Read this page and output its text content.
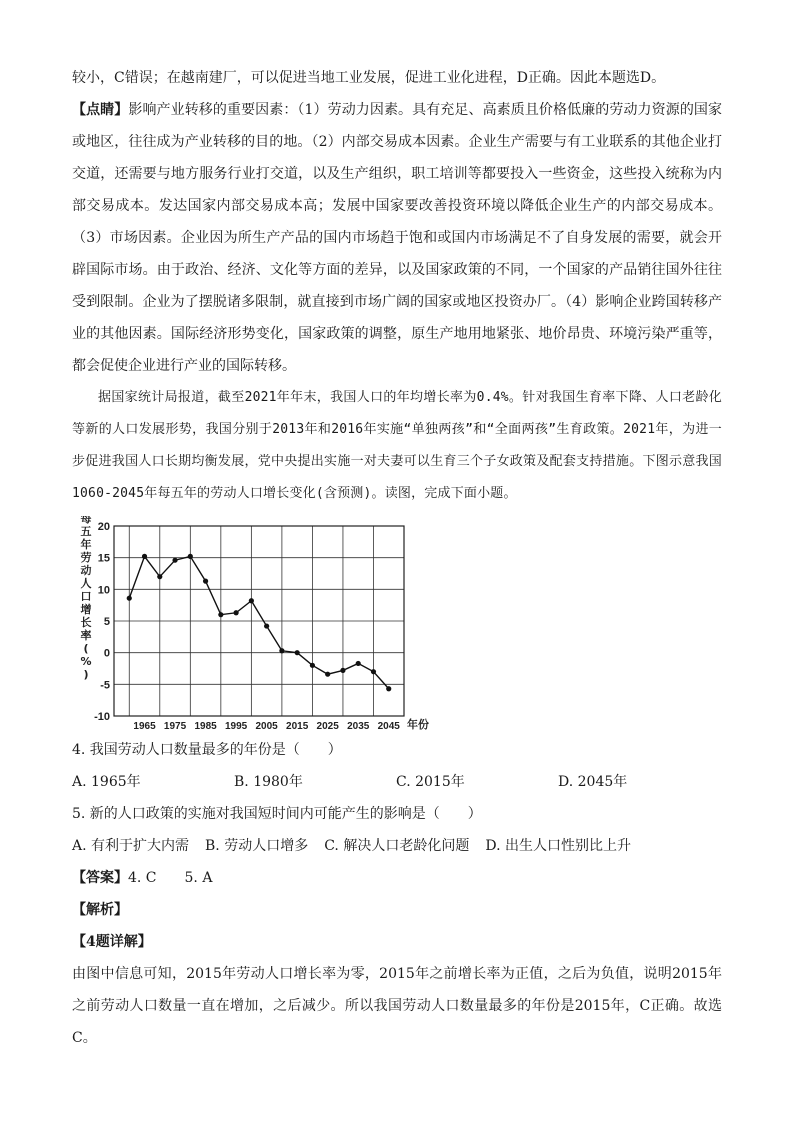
较小，C错误；在越南建厂，可以促进当地工业发展，促进工业化进程，D正确。因此本题选D。

【点睛】影响产业转移的重要因素：（1）劳动力因素。具有充足、高素质且价格低廉的劳动力资源的国家或地区，往往成为产业转移的目的地。（2）内部交易成本因素。企业生产需要与有工业联系的其他企业打交道，还需要与地方服务行业打交道，以及生产组织，职工培训等都要投入一些资金，这些投入统称为内部交易成本。发达国家内部交易成本高；发展中国家要改善投资环境以降低企业生产的内部交易成本。（3）市场因素。企业因为所生产产品的国内市场趋于饱和或国内市场满足不了自身发展的需要，就会开辟国际市场。由于政治、经济、文化等方面的差异，以及国家政策的不同，一个国家的产品销往国外往往受到限制。企业为了摆脱诸多限制，就直接到市场广阔的国家或地区投资办厂。（4）影响企业跨国转移产业的其他因素。国际经济形势变化，国家政策的调整，原生产地用地紧张、地价昂贵、环境污染严重等，都会促使企业进行产业的国际转移。

据国家统计局报道，截至2021年年末，我国人口的年均增长率为0.4%。针对我国生育率下降、人口老龄化等新的人口发展形势，我国分别于2013年和2016年实施“单独两孩”和“全面两孩”生育政策。2021年，为进一步促进我国人口长期均衡发展，党中央提出实施一对夫妻可以生育三个子女政策及配套支持措施。下图示意我国1060-2045年每五年的劳动人口增长变化(含预测)。读图，完成下面小题。

20
15
10
5
0
-5
-10
1965 1975 1985 1995 2005 2015 2025 2035 2045 年份
每
五
年
劳
动
人
口
增
长
率
(
%
)

4. 我国劳动人口数量最多的年份是（　　）

A. 1965年	B. 1980年	C. 2015年	D. 2045年

5. 新的人口政策的实施对我国短时间内可能产生的影响是（　　）

A. 有利于扩大内需 B. 劳动人口增多 C. 解决人口老龄化问题 D. 出生人口性别比上升

【答案】4. C　　5. A

【解析】

【4题详解】

由图中信息可知，2015年劳动人口增长率为零，2015年之前增长率为正值，之后为负值，说明2015年之前劳动人口数量一直在增加，之后减少。所以我国劳动人口数量最多的年份是2015年，C正确。故选C。
